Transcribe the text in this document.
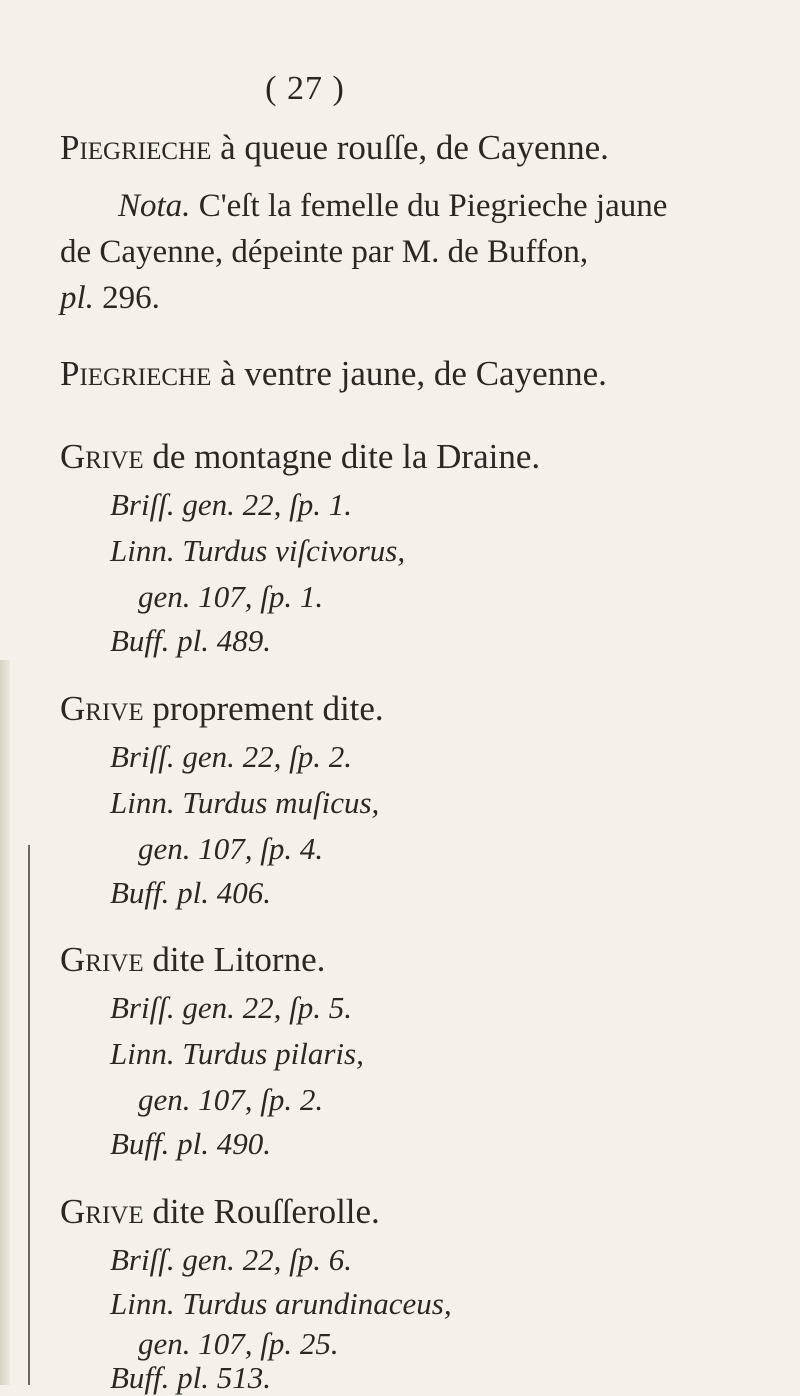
( 27 )
Piegrieche à queue rouſſe, de Cayenne.
Nota. C'eſt la femelle du Piegrieche jaune
de Cayenne, dépeinte par M. de Buffon,
pl. 296.
Piegrieche à ventre jaune, de Cayenne.
Grive de montagne dite la Draine.
Briſſ. gen. 22, ſp. 1.
Linn. Turdus viſcivorus,
gen. 107, ſp. 1.
Buff. pl. 489.
Grive proprement dite.
Briſſ. gen. 22, ſp. 2.
Linn. Turdus muſicus,
gen. 107, ſp. 4.
Buff. pl. 406.
Grive dite Litorne.
Briſſ. gen. 22, ſp. 5.
Linn. Turdus pilaris,
gen. 107, ſp. 2.
Buff. pl. 490.
Grive dite Rouſſerolle.
Briſſ. gen. 22, ſp. 6.
Linn. Turdus arundinaceus,
gen. 107, ſp. 25.
Buff. pl. 513.
